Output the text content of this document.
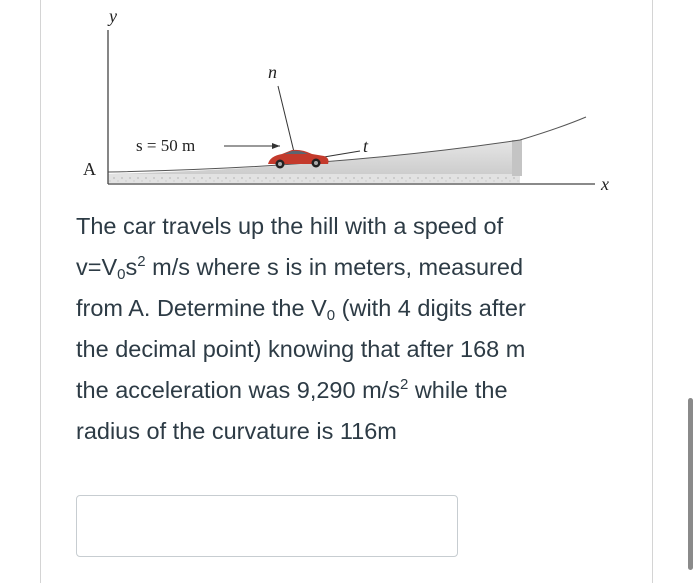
y
n
s = 50 m	t
A
x
The car travels up the hill with a speed of
$v=V_0s^2$ m/s where s is in meters, measured
from A. Determine the $V_0$ (with 4 digits after
the decimal point) knowing that after 168 m
the acceleration was 9,290 $m/s^2$ while the
radius of the curvature is 116m
